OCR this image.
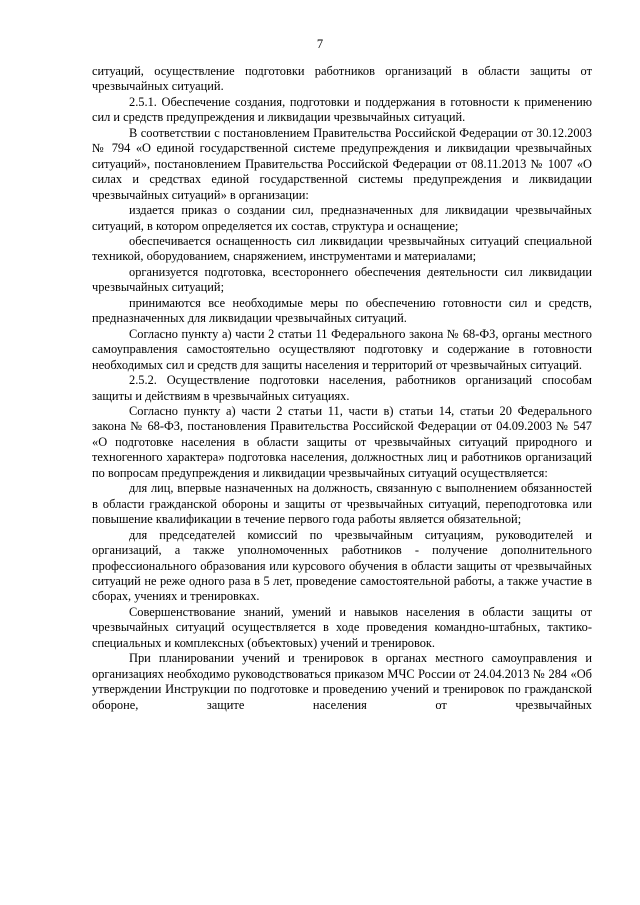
7

ситуаций, осуществление подготовки работников организаций в области защиты от чрезвычайных ситуаций.

2.5.1. Обеспечение создания, подготовки и поддержания в готовности к применению сил и средств предупреждения и ликвидации чрезвычайных ситуаций.

В соответствии с постановлением Правительства Российской Федерации от 30.12.2003 № 794 «О единой государственной системе предупреждения и ликвидации чрезвычайных ситуаций», постановлением Правительства Российской Федерации от 08.11.2013 № 1007 «О силах и средствах единой государственной системы предупреждения и ликвидации чрезвычайных ситуаций» в организации:

издается приказ о создании сил, предназначенных для ликвидации чрезвычайных ситуаций, в котором определяется их состав, структура и оснащение;

обеспечивается оснащенность сил ликвидации чрезвычайных ситуаций специальной техникой, оборудованием, снаряжением, инструментами и материалами;

организуется подготовка, всестороннего обеспечения деятельности сил ликвидации чрезвычайных ситуаций;

принимаются все необходимые меры по обеспечению готовности сил и средств, предназначенных для ликвидации чрезвычайных ситуаций.

Согласно пункту а) части 2 статьи 11 Федерального закона № 68-ФЗ, органы местного самоуправления самостоятельно осуществляют подготовку и содержание в готовности необходимых сил и средств для защиты населения и территорий от чрезвычайных ситуаций.

2.5.2. Осуществление подготовки населения, работников организаций способам защиты и действиям в чрезвычайных ситуациях.

Согласно пункту а) части 2 статьи 11, части в) статьи 14, статьи 20 Федерального закона № 68-ФЗ, постановления Правительства Российской Федерации от 04.09.2003 № 547 «О подготовке населения в области защиты от чрезвычайных ситуаций природного и техногенного характера» подготовка населения, должностных лиц и работников организаций по вопросам предупреждения и ликвидации чрезвычайных ситуаций осуществляется:

для лиц, впервые назначенных на должность, связанную с выполнением обязанностей в области гражданской обороны и защиты от чрезвычайных ситуаций, переподготовка или повышение квалификации в течение первого года работы является обязательной;

для председателей комиссий по чрезвычайным ситуациям, руководителей и организаций, а также уполномоченных работников - получение дополнительного профессионального образования или курсового обучения в области защиты от чрезвычайных ситуаций не реже одного раза в 5 лет, проведение самостоятельной работы, а также участие в сборах, учениях и тренировках.

Совершенствование знаний, умений и навыков населения в области защиты от чрезвычайных ситуаций осуществляется в ходе проведения командно-штабных, тактико-специальных и комплексных (объектовых) учений и тренировок.

При планировании учений и тренировок в органах местного самоуправления и организациях необходимо руководствоваться приказом МЧС России от 24.04.2013 № 284 «Об утверждении Инструкции по подготовке и проведению учений и тренировок по гражданской обороне, защите населения от чрезвычайных
